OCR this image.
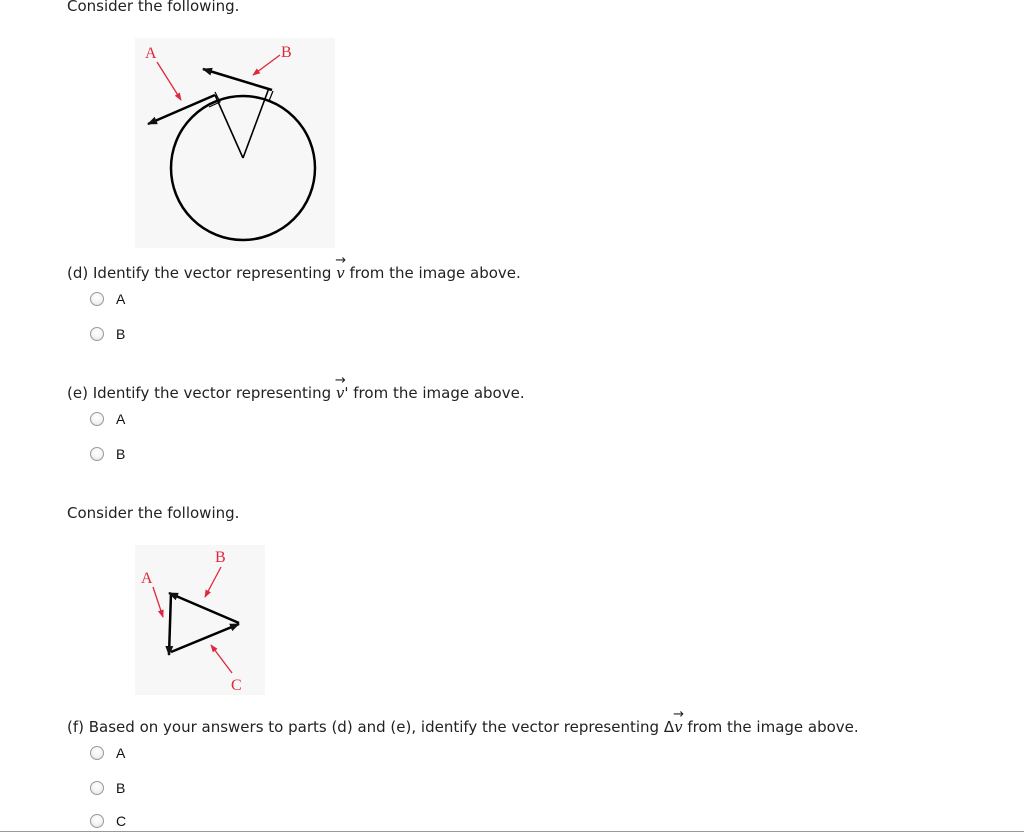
Consider the following.
A	B
(d) Identify the vector representing
→
v from the image above.
A
B
(e) Identify the vector representing
→
v' from the image above.
A
B
Consider the following.
A
B
C
(f) Based on your answers to parts (d) and (e), identify the vector representing Δ
→
v from the image above.
A
B
C
